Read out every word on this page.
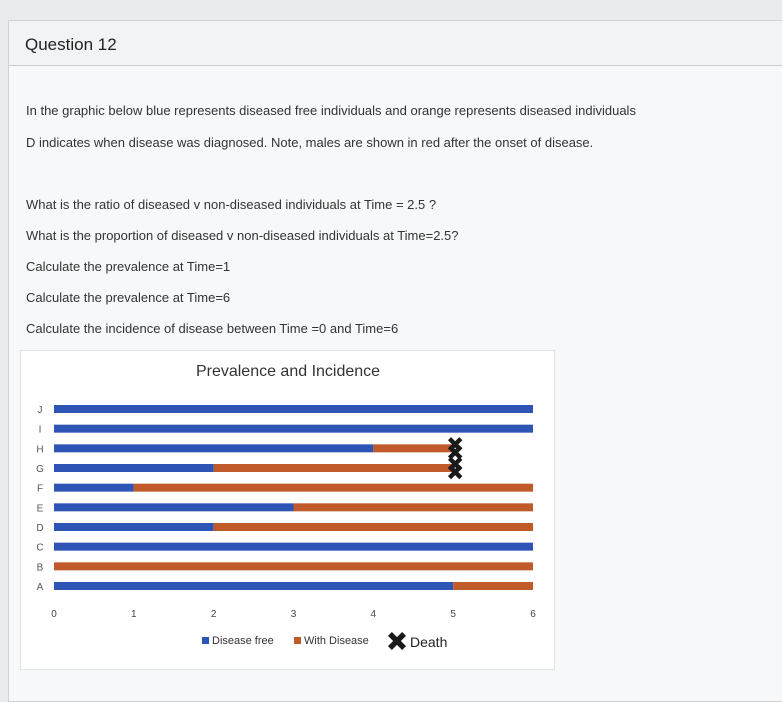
Question 12
In the graphic below blue represents diseased free individuals and orange represents diseased individuals
D indicates when disease was diagnosed. Note, males are shown in red after the onset of disease.
What is the ratio of diseased v non-diseased individuals at Time = 2.5 ?
What is the proportion of diseased v non-diseased individuals at Time=2.5?
Calculate the prevalence at Time=1
Calculate the prevalence at Time=6
Calculate the incidence of disease between Time =0 and Time=6
Prevalence and Incidence
A
B
C
D
E
F
G
H
I
J
0	1	2	3	4	5	6
Disease free	With Disease	Death
